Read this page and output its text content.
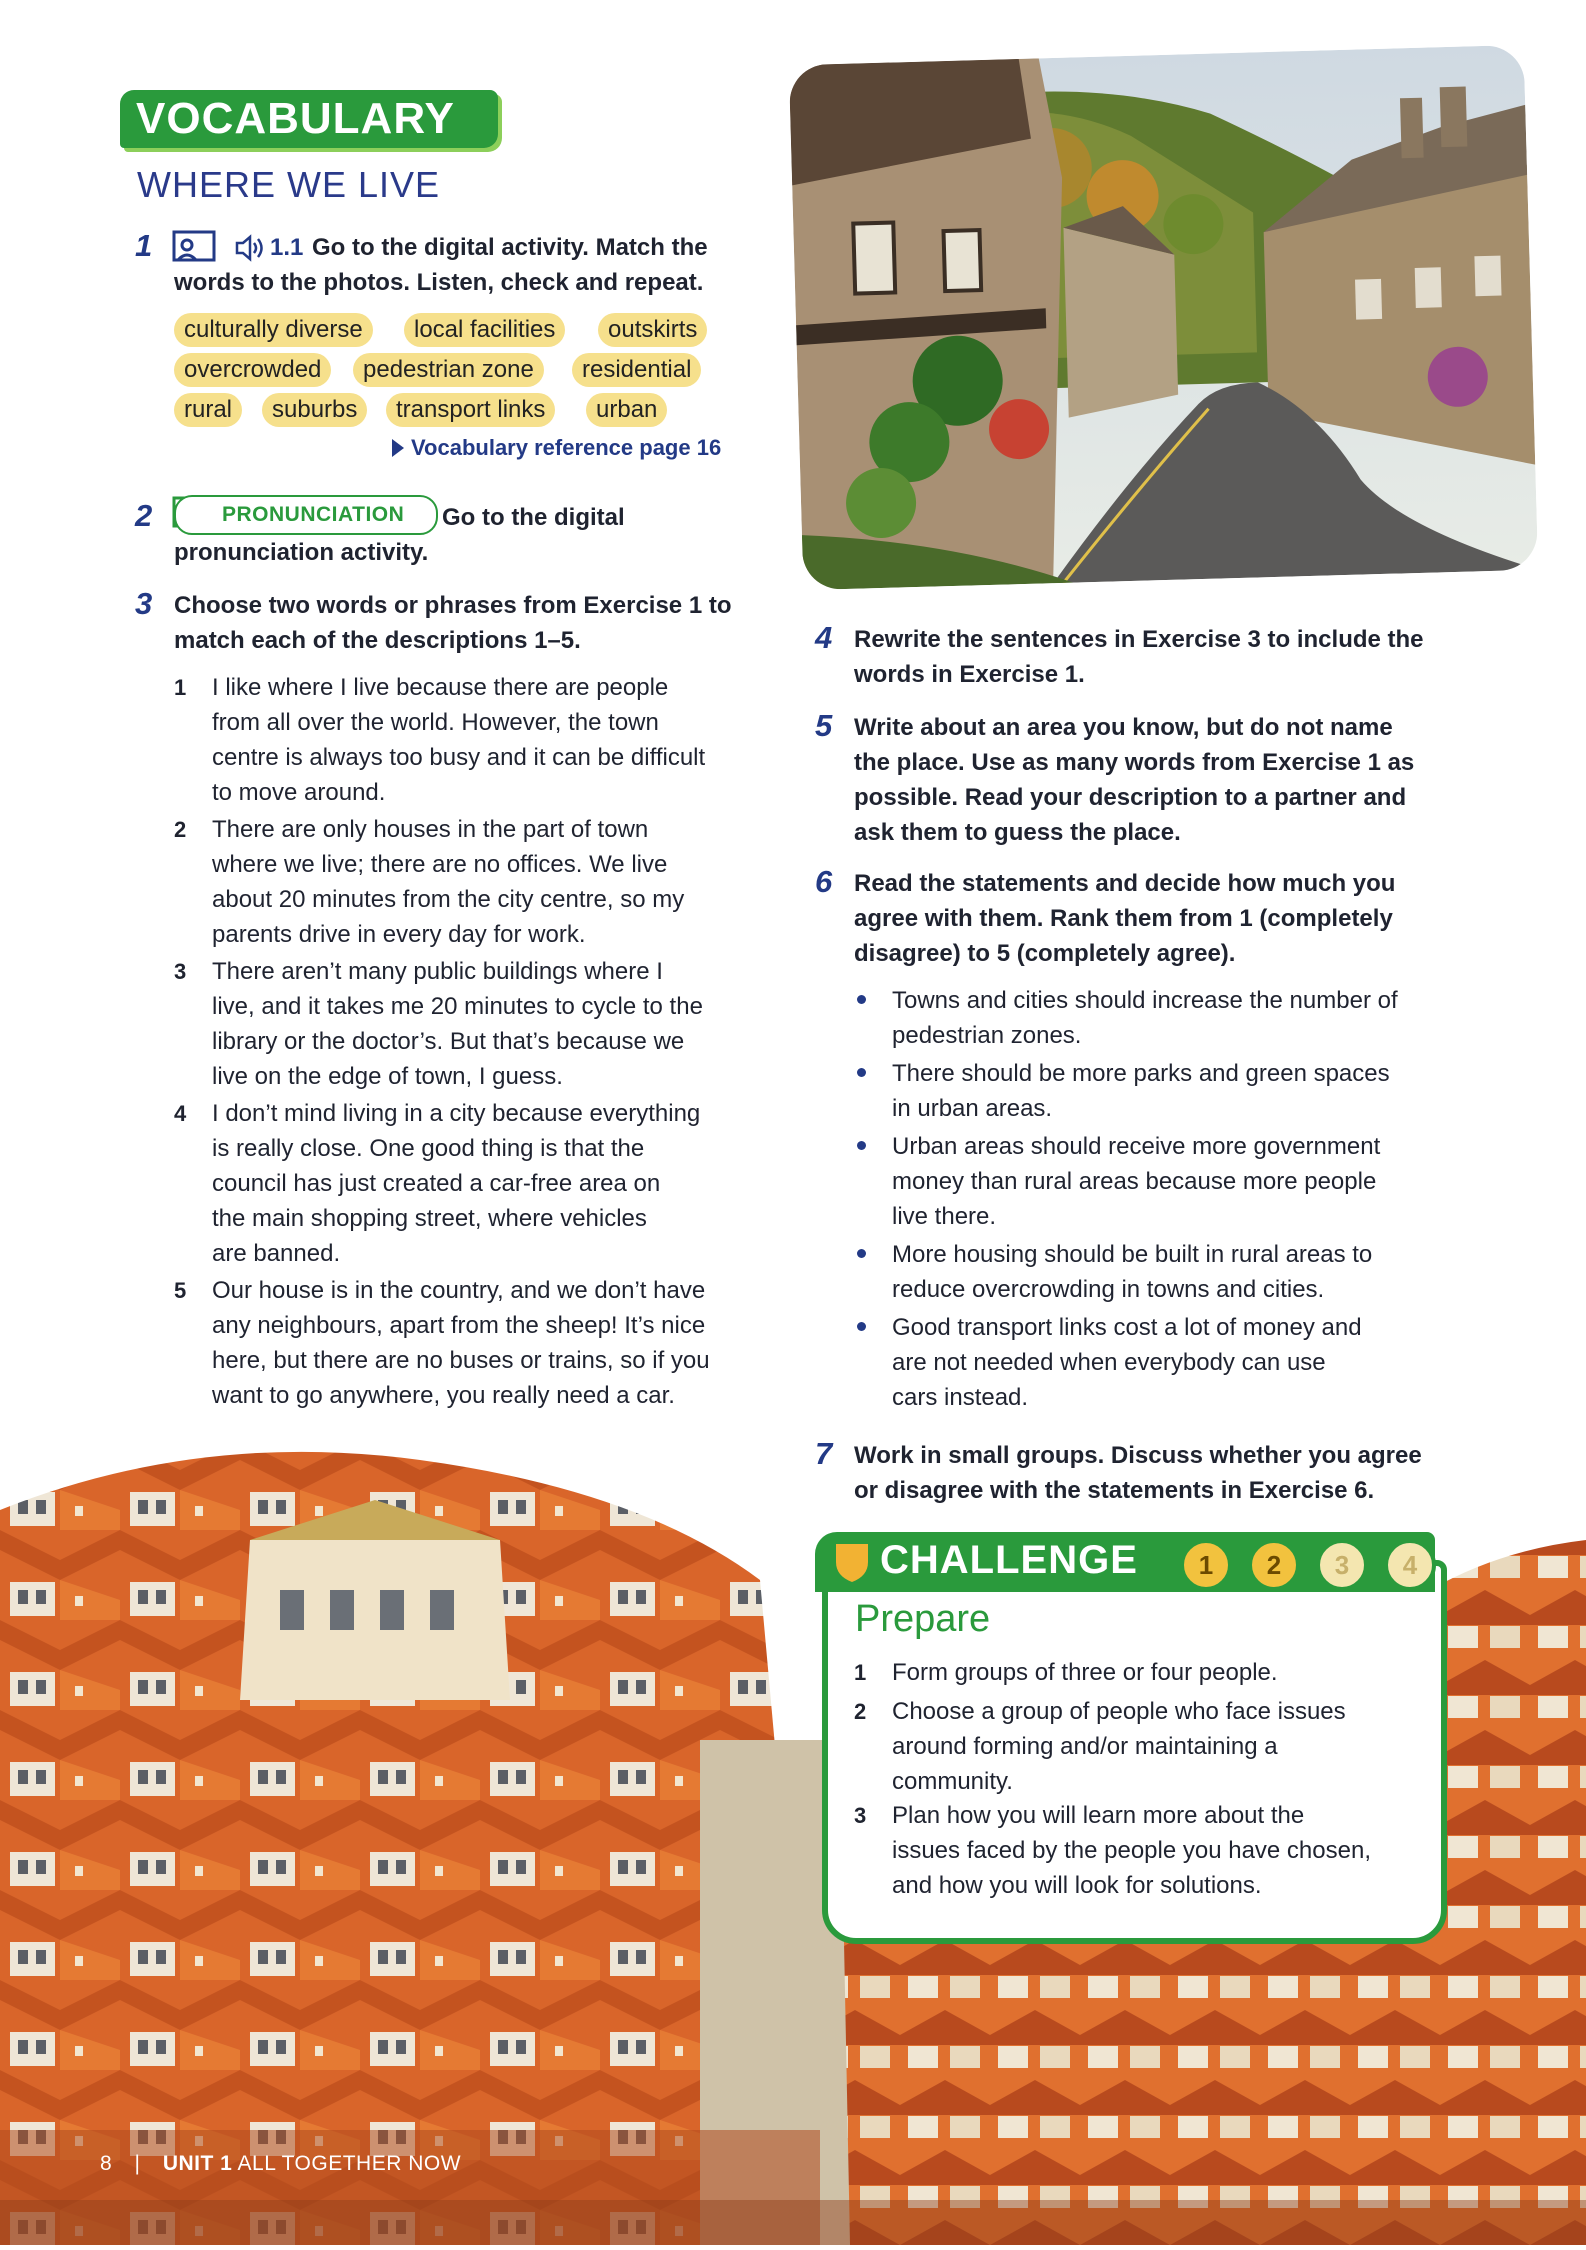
VOCABULARY
WHERE WE LIVE
1	1.1 Go to the digital activity. Match the
words to the photos. Listen, check and repeat.
culturally diverse	local facilities	outskirts
overcrowded	pedestrian zone	residential
rural	suburbs	transport links	urban
Vocabulary reference page 16
2	PRONUNCIATION	Go to the digital
pronunciation activity.
3 Choose two words or phrases from Exercise 1 to
match each of the descriptions 1–5.
1 I like where I live because there are people
from all over the world. However, the town
centre is always too busy and it can be difficult
to move around.
2 There are only houses in the part of town
where we live; there are no offices. We live
about 20 minutes from the city centre, so my
parents drive in every day for work.
3 There aren’t many public buildings where I
live, and it takes me 20 minutes to cycle to the
library or the doctor’s. But that’s because we
live on the edge of town, I guess.
4 I don’t mind living in a city because everything
is really close. One good thing is that the
council has just created a car-free area on
the main shopping street, where vehicles
are banned.
5 Our house is in the country, and we don’t have
any neighbours, apart from the sheep! It’s nice
here, but there are no buses or trains, so if you
want to go anywhere, you really need a car.
4 Rewrite the sentences in Exercise 3 to include the
words in Exercise 1.
5 Write about an area you know, but do not name
the place. Use as many words from Exercise 1 as
possible. Read your description to a partner and
ask them to guess the place.
6 Read the statements and decide how much you
agree with them. Rank them from 1 (completely
disagree) to 5 (completely agree).
Towns and cities should increase the number of
pedestrian zones.
There should be more parks and green spaces
in urban areas.
Urban areas should receive more government
money than rural areas because more people
live there.
More housing should be built in rural areas to
reduce overcrowding in towns and cities.
Good transport links cost a lot of money and
are not needed when everybody can use
cars instead.
7 Work in small groups. Discuss whether you agree
or disagree with the statements in Exercise 6.
CHALLENGE	1	2	3	4
Prepare
1 Form groups of three or four people.
2 Choose a group of people who face issues
around forming and/or maintaining a
community.
3 Plan how you will learn more about the
issues faced by the people you have chosen,
and how you will look for solutions.
8 | UNIT 1 ALL TOGETHER NOW
